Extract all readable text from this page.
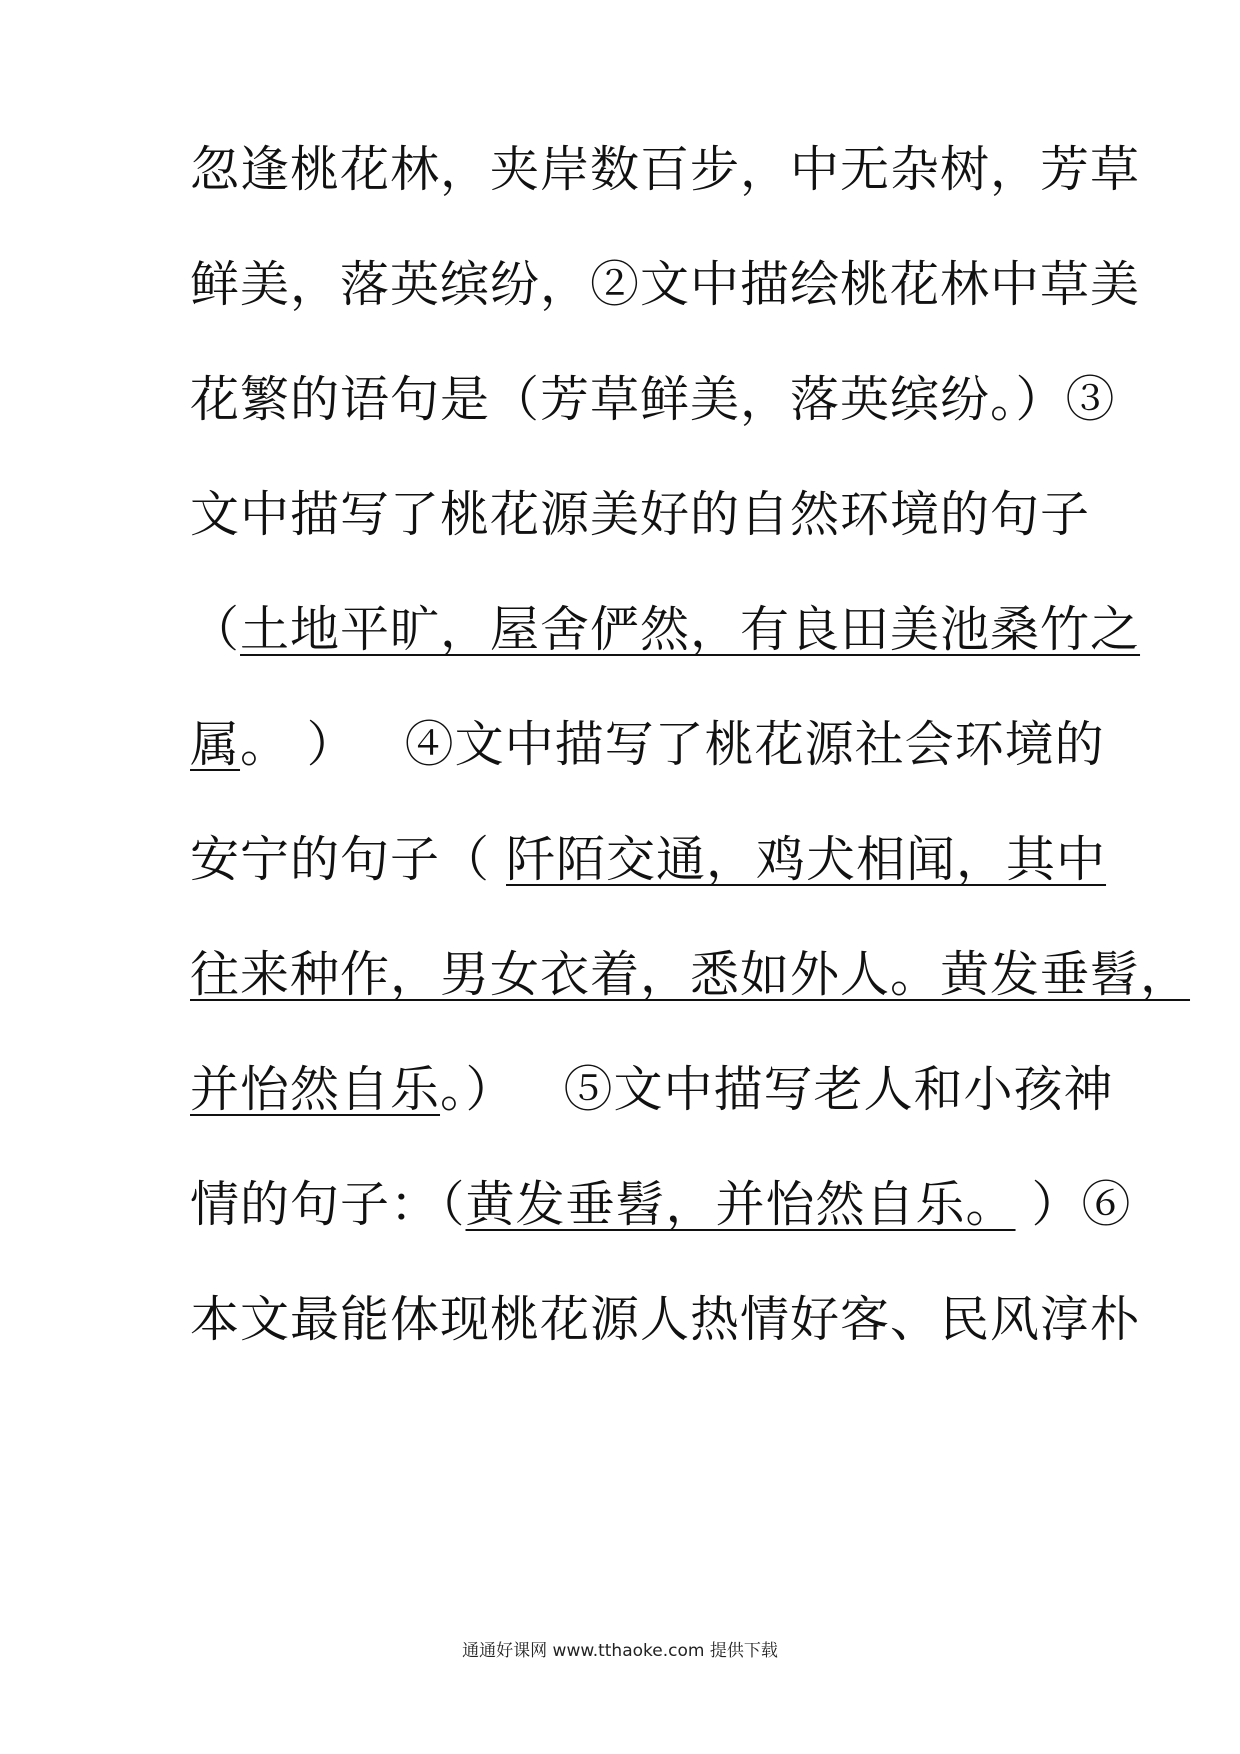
忽逢桃花林，夹岸数百步，中无杂树，芳草
鲜美，落英缤纷，②文中描绘桃花林中草美
花繁的语句是（芳草鲜美，落英缤纷。）③
文中描写了桃花源美好的自然环境的句子
（土地平旷，屋舍俨然，有良田美池桑竹之
属。 ） ④文中描写了桃花源社会环境的
安宁的句子（ 阡陌交通，鸡犬相闻，其中
往来种作，男女衣着，悉如外人。黄发垂髫，
并怡然自乐。） ⑤文中描写老人和小孩神
情的句子：（黄发垂髫，并怡然自乐。 ）⑥
本文最能体现桃花源人热情好客、民风淳朴
通通好课网 www.tthaoke.com 提供下载
